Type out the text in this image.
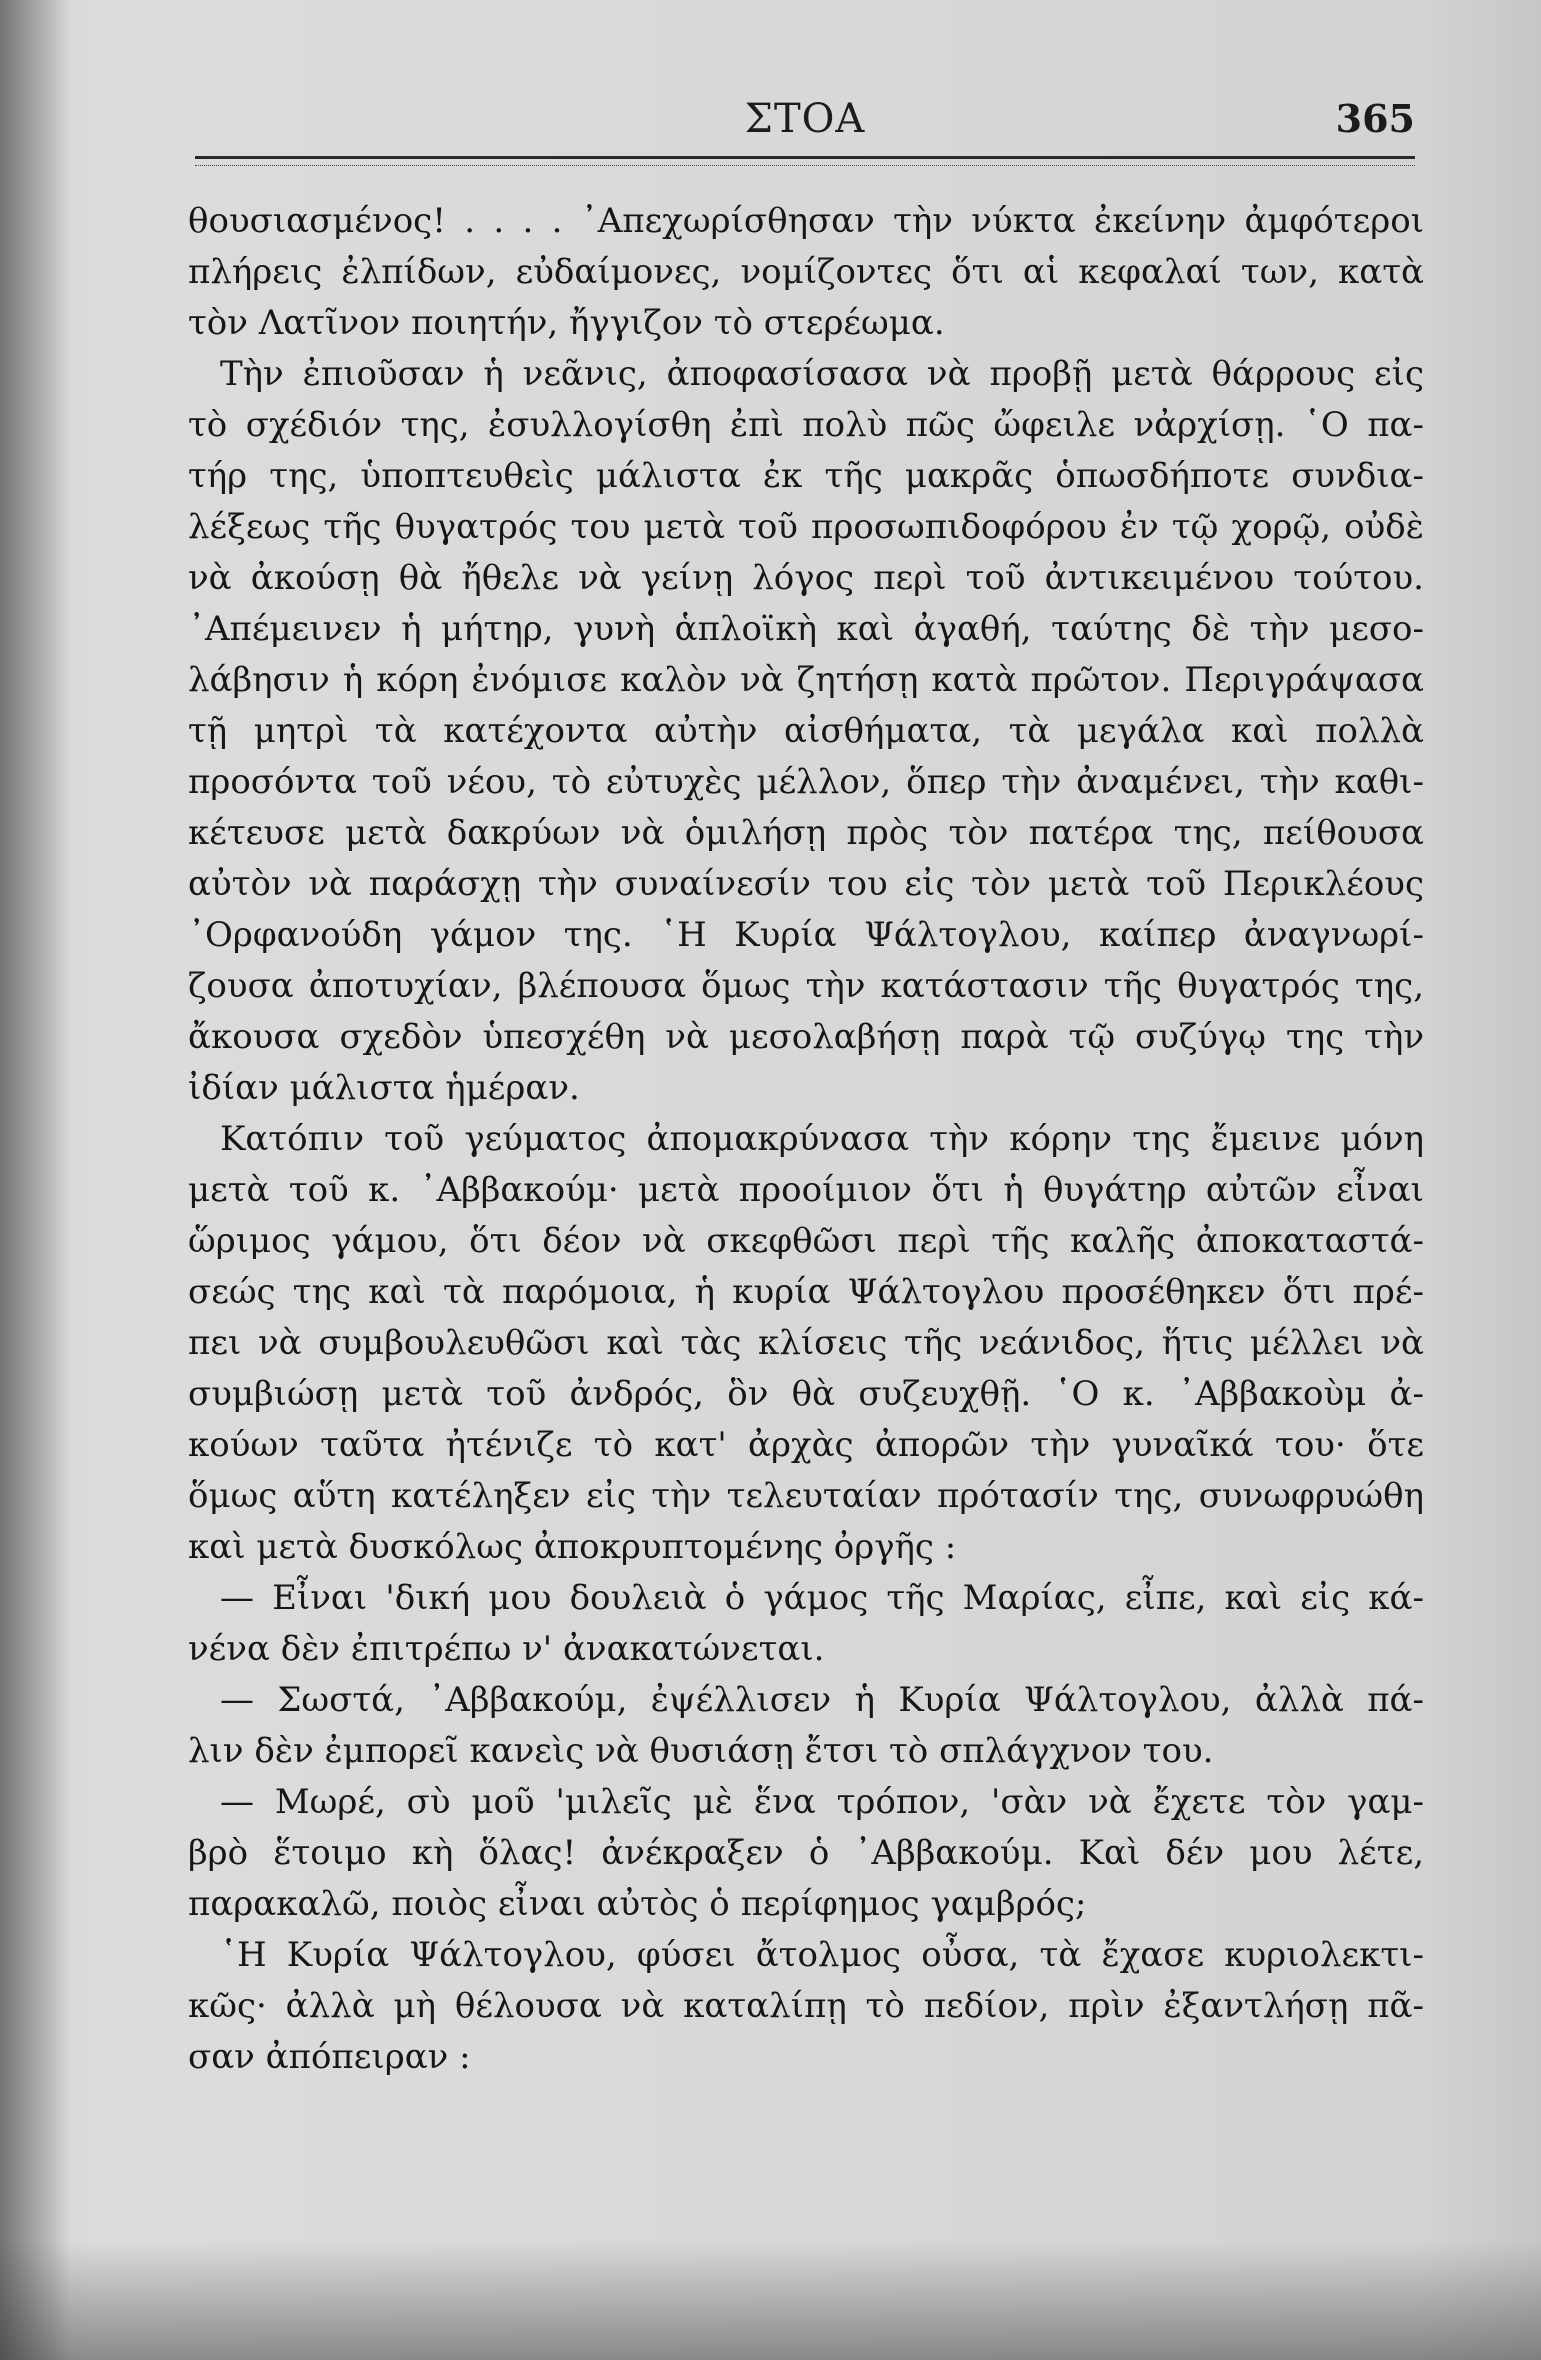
ΣΤΟΑ	365
θουσιασμένος! . . . . ᾿Απεχωρίσθησαν τὴν νύκτα ἐκείνην ἀμφότεροι
πλήρεις ἐλπίδων, εὐδαίμονες, νομίζοντες ὅτι αἱ κεφαλαί των, κατὰ
τὸν Λατῖνον ποιητήν, ἤγγιζον τὸ στερέωμα.
Τὴν ἐπιοῦσαν ἡ νεᾶνις, ἀποφασίσασα νὰ προβῇ μετὰ θάρρους εἰς
τὸ σχέδιόν της, ἐσυλλογίσθη ἐπὶ πολὺ πῶς ὤφειλε νἀρχίσῃ. ῾Ο πα-
τήρ της, ὑποπτευθεὶς μάλιστα ἐκ τῆς μακρᾶς ὁπωσδήποτε συνδια-
λέξεως τῆς θυγατρός του μετὰ τοῦ προσωπιδοφόρου ἐν τῷ χορῷ, οὐδὲ
νὰ ἀκούσῃ θὰ ἤθελε νὰ γείνῃ λόγος περὶ τοῦ ἀντικειμένου τούτου.
᾿Απέμεινεν ἡ μήτηρ, γυνὴ ἁπλοϊκὴ καὶ ἀγαθή, ταύτης δὲ τὴν μεσο-
λάβησιν ἡ κόρη ἐνόμισε καλὸν νὰ ζητήσῃ κατὰ πρῶτον. Περιγράψασα
τῇ μητρὶ τὰ κατέχοντα αὐτὴν αἰσθήματα, τὰ μεγάλα καὶ πολλὰ
προσόντα τοῦ νέου, τὸ εὐτυχὲς μέλλον, ὅπερ τὴν ἀναμένει, τὴν καθι-
κέτευσε μετὰ δακρύων νὰ ὁμιλήσῃ πρὸς τὸν πατέρα της, πείθουσα
αὐτὸν νὰ παράσχῃ τὴν συναίνεσίν του εἰς τὸν μετὰ τοῦ Περικλέους
᾿Ορφανούδη γάμον της. ῾Η Κυρία Ψάλτογλου, καίπερ ἀναγνωρί-
ζουσα ἀποτυχίαν, βλέπουσα ὅμως τὴν κατάστασιν τῆς θυγατρός της,
ἄκουσα σχεδὸν ὑπεσχέθη νὰ μεσολαβήσῃ παρὰ τῷ συζύγῳ της τὴν
ἰδίαν μάλιστα ἡμέραν.
Κατόπιν τοῦ γεύματος ἀπομακρύνασα τὴν κόρην της ἔμεινε μόνη
μετὰ τοῦ κ. ᾿Αββακούμ· μετὰ προοίμιον ὅτι ἡ θυγάτηρ αὐτῶν εἶναι
ὥριμος γάμου, ὅτι δέον νὰ σκεφθῶσι περὶ τῆς καλῆς ἀποκαταστά-
σεώς της καὶ τὰ παρόμοια, ἡ κυρία Ψάλτογλου προσέθηκεν ὅτι πρέ-
πει νὰ συμβουλευθῶσι καὶ τὰς κλίσεις τῆς νεάνιδος, ἥτις μέλλει νὰ
συμβιώσῃ μετὰ τοῦ ἀνδρός, ὃν θὰ συζευχθῇ. ῾Ο κ. ᾿Αββακοὺμ ἀ-
κούων ταῦτα ἠτένιζε τὸ κατ' ἀρχὰς ἀπορῶν τὴν γυναῖκά του· ὅτε
ὅμως αὕτη κατέληξεν εἰς τὴν τελευταίαν πρότασίν της, συνωφρυώθη
καὶ μετὰ δυσκόλως ἀποκρυπτομένης ὀργῆς :
— Εἶναι 'δική μου δουλειὰ ὁ γάμος τῆς Μαρίας, εἶπε, καὶ εἰς κά-
νένα δὲν ἐπιτρέπω ν' ἀνακατώνεται.
— Σωστά, ᾿Αββακούμ, ἐψέλλισεν ἡ Κυρία Ψάλτογλου, ἀλλὰ πά-
λιν δὲν ἐμπορεῖ κανεὶς νὰ θυσιάσῃ ἔτσι τὸ σπλάγχνον του.
— Μωρέ, σὺ μοῦ 'μιλεῖς μὲ ἕνα τρόπον, 'σὰν νὰ ἔχετε τὸν γαμ-
βρὸ ἕτοιμο κὴ ὅλας! ἀνέκραξεν ὁ ᾿Αββακούμ. Καὶ δέν μου λέτε,
παρακαλῶ, ποιὸς εἶναι αὐτὸς ὁ περίφημος γαμβρός;
῾Η Κυρία Ψάλτογλου, φύσει ἄτολμος οὖσα, τὰ ἔχασε κυριολεκτι-
κῶς· ἀλλὰ μὴ θέλουσα νὰ καταλίπῃ τὸ πεδίον, πρὶν ἐξαντλήσῃ πᾶ-
σαν ἀπόπειραν :
